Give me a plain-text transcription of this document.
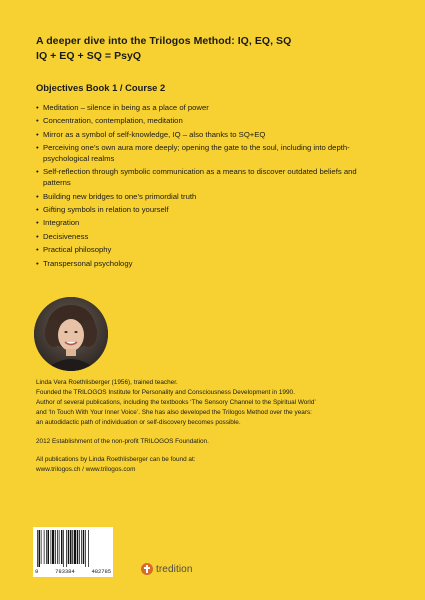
A deeper dive into the Trilogos Method: IQ, EQ, SQ
IQ + EQ + SQ = PsyQ
Objectives Book 1 / Course 2
• Meditation – silence in being as a place of power
• Concentration, contemplation, meditation
• Mirror as a symbol of self-knowledge, IQ – also thanks to SQ+EQ
• Perceiving one’s own aura more deeply; opening the gate to the soul, including into depth-psychological realms
• Self-reflection through symbolic communication as a means to discover outdated beliefs and patterns
• Building new bridges to one’s primordial truth
• Gifting symbols in relation to yourself
• Integration
• Decisiveness
• Practical philosophy
• Transpersonal psychology

Linda Vera Roethlisberger (1956), trained teacher.

Founded the TRILOGOS Institute for Personality and Consciousness Development in 1990.

Author of several publications, including the textbooks ‘The Sensory Channel to the Spiritual World’

and ‘In Touch With Your Inner Voice’. She has also developed the Trilogos Method over the years:

an autodidactic path of individuation or self-discovery becomes possible.

2012 Establishment of the non-profit TRILOGOS Foundation.

All publications by Linda Roethlisberger can be found at:

www.trilogos.ch / www.trilogos.com

9	783384	482785	tredition
